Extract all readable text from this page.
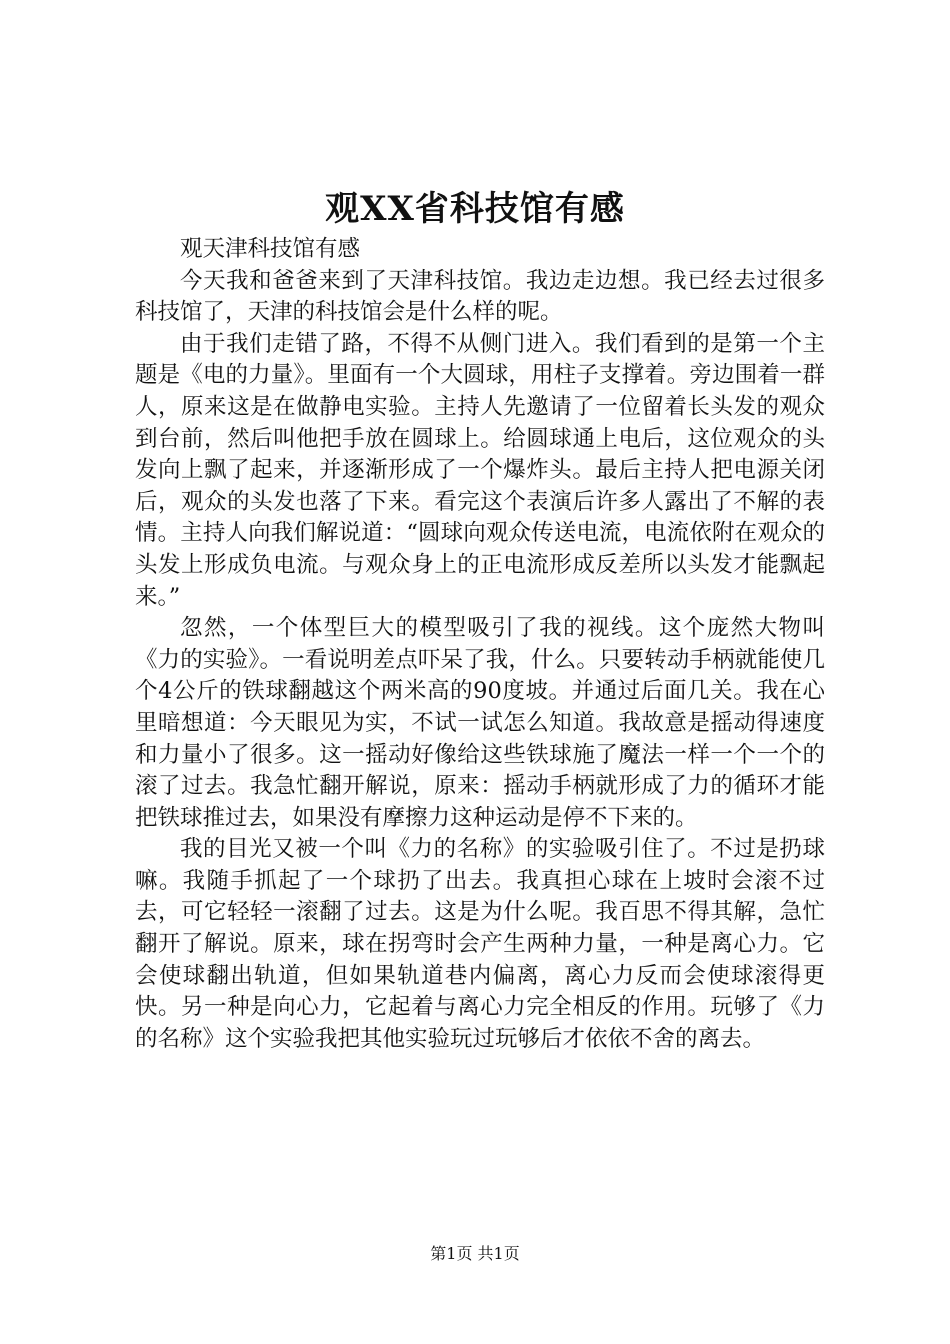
观XX省科技馆有感

观天津科技馆有感

今天我和爸爸来到了天津科技馆。我边走边想。我已经去过很多科技馆了，天津的科技馆会是什么样的呢。

由于我们走错了路，不得不从侧门进入。我们看到的是第一个主题是《电的力量》。里面有一个大圆球，用柱子支撑着。旁边围着一群人，原来这是在做静电实验。主持人先邀请了一位留着长头发的观众到台前，然后叫他把手放在圆球上。给圆球通上电后，这位观众的头发向上飘了起来，并逐渐形成了一个爆炸头。最后主持人把电源关闭后，观众的头发也落了下来。看完这个表演后许多人露出了不解的表情。主持人向我们解说道：“圆球向观众传送电流，电流依附在观众的头发上形成负电流。与观众身上的正电流形成反差所以头发才能飘起来。”

忽然，一个体型巨大的模型吸引了我的视线。这个庞然大物叫《力的实验》。一看说明差点吓呆了我，什么。只要转动手柄就能使几个4公斤的铁球翻越这个两米高的90度坡。并通过后面几关。我在心里暗想道：今天眼见为实，不试一试怎么知道。我故意是摇动得速度和力量小了很多。这一摇动好像给这些铁球施了魔法一样一个一个的滚了过去。我急忙翻开解说，原来：摇动手柄就形成了力的循环才能把铁球推过去，如果没有摩擦力这种运动是停不下来的。

我的目光又被一个叫《力的名称》的实验吸引住了。不过是扔球嘛。我随手抓起了一个球扔了出去。我真担心球在上坡时会滚不过去，可它轻轻一滚翻了过去。这是为什么呢。我百思不得其解，急忙翻开了解说。原来，球在拐弯时会产生两种力量，一种是离心力。它会使球翻出轨道，但如果轨道巷内偏离，离心力反而会使球滚得更快。另一种是向心力，它起着与离心力完全相反的作用。玩够了《力的名称》这个实验我把其他实验玩过玩够后才依依不舍的离去。

第1页 共1页
